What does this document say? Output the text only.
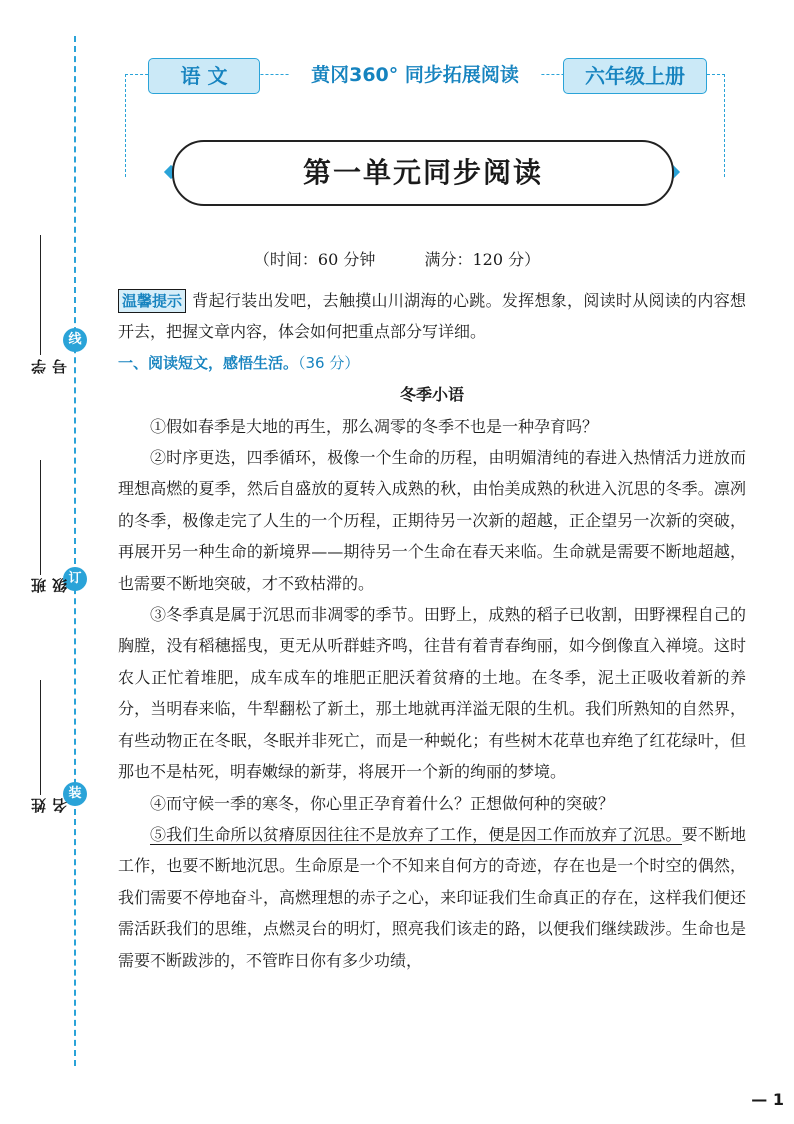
线
订
装
学号
班级
姓名
语 文	黄冈360° 同步拓展阅读	六年级上册
第一单元同步阅读
（时间：60 分钟	满分：120 分）

温馨提示 背起行装出发吧，去触摸山川湖海的心跳。发挥想象，阅读时从阅读的内容想开去，把握文章内容，体会如何把重点部分写详细。

一、阅读短文，感悟生活。（36 分）

冬季小语

①假如春季是大地的再生，那么凋零的冬季不也是一种孕育吗？

②时序更迭，四季循环，极像一个生命的历程，由明媚清纯的春进入热情活力迸放而理想高燃的夏季，然后自盛放的夏转入成熟的秋，由怡美成熟的秋进入沉思的冬季。凛冽的冬季，极像走完了人生的一个历程，正期待另一次新的超越，正企望另一次新的突破，再展开另一种生命的新境界——期待另一个生命在春天来临。生命就是需要不断地超越，也需要不断地突破，才不致枯滞的。

③冬季真是属于沉思而非凋零的季节。田野上，成熟的稻子已收割，田野裸程自己的胸膛，没有稻穗摇曳，更无从听群蛙齐鸣，往昔有着青春绚丽，如今倒像直入禅境。这时农人正忙着堆肥，成车成车的堆肥正肥沃着贫瘠的土地。在冬季，泥土正吸收着新的养分，当明春来临，牛犁翻松了新土，那土地就再洋溢无限的生机。我们所熟知的自然界，有些动物正在冬眠，冬眠并非死亡，而是一种蜕化；有些树木花草也弃绝了红花绿叶，但那也不是枯死，明春嫩绿的新芽，将展开一个新的绚丽的梦境。

④而守候一季的寒冬，你心里正孕育着什么？正想做何种的突破？

⑤我们生命所以贫瘠原因往往不是放弃了工作，便是因工作而放弃了沉思。要不断地工作，也要不断地沉思。生命原是一个不知来自何方的奇迹，存在也是一个时空的偶然，我们需要不停地奋斗，高燃理想的赤子之心，来印证我们生命真正的存在，这样我们便还需活跃我们的思维，点燃灵台的明灯，照亮我们该走的路，以便我们继续跋涉。生命也是需要不断跋涉的，不管昨日你有多少功绩，

— 1
